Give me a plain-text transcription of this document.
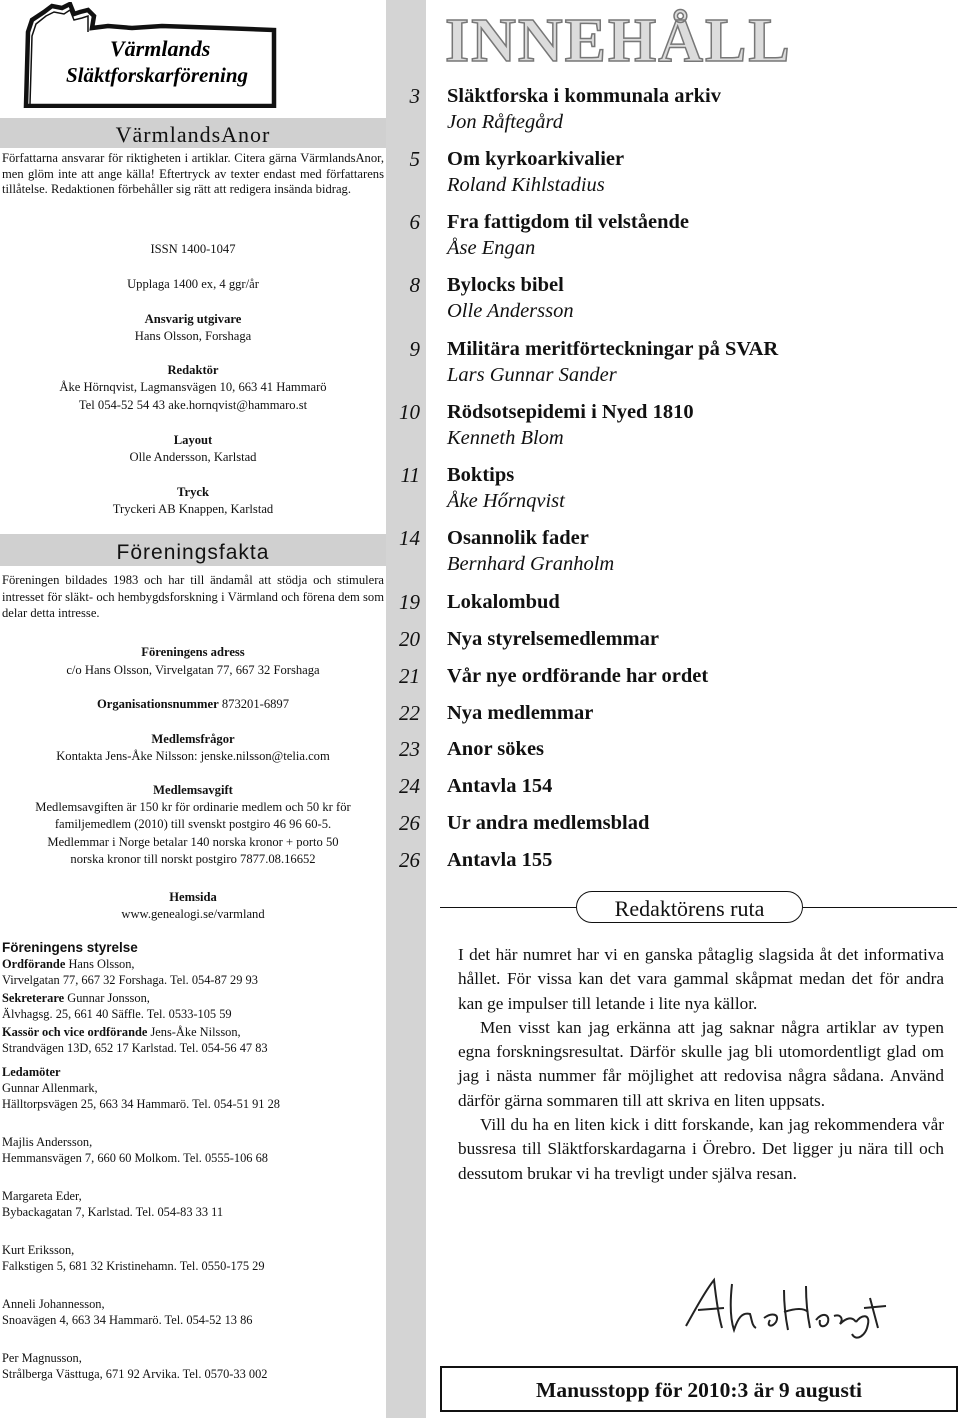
Värmlands
Släktforskarförening
VärmlandsAnor
Författarna ansvarar för riktigheten i artiklar. Citera gärna VärmlandsAnor, men glöm inte att ange källa! Eftertryck av texter endast med författarens tillåtelse. Redaktionen förbehåller sig rätt att redigera insända bidrag.
ISSN 1400-1047
Upplaga 1400 ex, 4 ggr/år
Ansvarig utgivare
Hans Olsson, Forshaga
Redaktör
Åke Hörnqvist, Lagmansvägen 10, 663 41 Hammarö
Tel 054-52 54 43 ake.hornqvist@hammaro.st
Layout
Olle Andersson, Karlstad
Tryck
Tryckeri AB Knappen, Karlstad
Föreningsfakta
Föreningen bildades 1983 och har till ändamål att stödja och stimulera intresset för släkt- och hembygdsforskning i Värmland och förena dem som delar detta intresse.
Föreningens adress
c/o Hans Olsson, Virvelgatan 77, 667 32 Forshaga
Organisationsnummer 873201-6897
Medlemsfrågor
Kontakta Jens-Åke Nilsson: jenske.nilsson@telia.com
Medlemsavgift
Medlemsavgiften är 150 kr för ordinarie medlem och 50 kr för
familjemedlem (2010) till svenskt postgiro 46 96 60-5.
Medlemmar i Norge betalar 140 norska kronor + porto 50
norska kronor till norskt postgiro 7877.08.16652
Hemsida
www.genealogi.se/varmland
Föreningens styrelse
Ordförande Hans Olsson,
Virvelgatan 77, 667 32 Forshaga. Tel. 054-87 29 93
Sekreterare Gunnar Jonsson,
Älvhagsg. 25, 661 40 Säffle. Tel. 0533-105 59
Kassör och vice ordförande Jens-Åke Nilsson,
Strandvägen 13D, 652 17 Karlstad. Tel. 054-56 47 83
Ledamöter
Gunnar Allenmark,
Hälltorpsvägen 25, 663 34 Hammarö. Tel. 054-51 91 28
Majlis Andersson,
Hemmansvägen 7, 660 60 Molkom. Tel. 0555-106 68
Margareta Eder,
Bybackagatan 7, Karlstad. Tel. 054-83 33 11
Kurt Eriksson,
Falkstigen 5, 681 32 Kristinehamn. Tel. 0550-175 29
Anneli Johannesson,
Snoavägen 4, 663 34 Hammarö. Tel. 054-52 13 86
Per Magnusson,
Strålberga Västtuga, 671 92 Arvika. Tel. 0570-33 002
INNEHÅLL
3 Släktforska i kommunala arkiv
Jon Råftegård
5 Om kyrkoarkivalier
Roland Kihlstadius
6 Fra fattigdom til velstående
Åse Engan
8 Bylocks bibel
Olle Andersson
9 Militära meritförteckningar på SVAR
Lars Gunnar Sander
10 Rödsotsepidemi i Nyed 1810
Kenneth Blom
11 Boktips
Åke Hőrnqvist
14 Osannolik fader
Bernhard Granholm
19 Lokalombud
20 Nya styrelsemedlemmar
21 Vår nye ordförande har ordet
22 Nya medlemmar
23 Anor sökes
24 Antavla 154
26 Ur andra medlemsblad
26 Antavla 155
Redaktörens ruta

I det här numret har vi en ganska påtaglig slagsida åt det informativa hållet. För vissa kan det vara gammal skåpmat medan det för andra kan ge impulser till letande i lite nya källor.

Men visst kan jag erkänna att jag saknar några artiklar av typen egna forskningsresultat. Därför skulle jag bli utomordentligt glad om jag i nästa nummer får möjlighet att redovisa några sådana. Använd därför gärna sommaren till att skriva en liten uppsats.

Vill du ha en liten kick i ditt forskande, kan jag rekommendera vår bussresa till Släktforskardagarna i Örebro. Det ligger ju nära till och dessutom brukar vi ha trevligt under själva resan.

Manusstopp för 2010:3 är 9 augusti
